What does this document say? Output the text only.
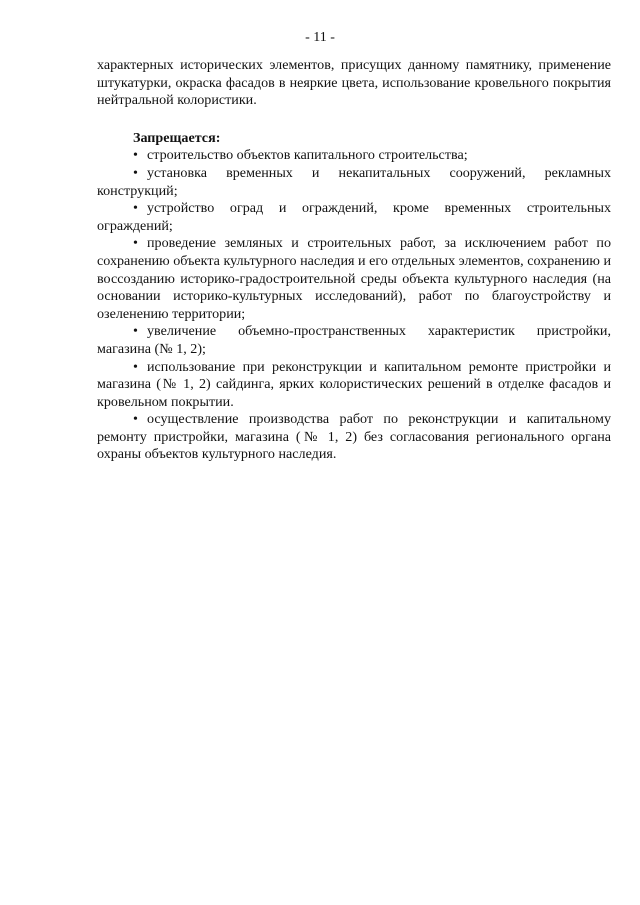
- 11 -

характерных исторических элементов, присущих данному памятнику, применение штукатурки, окраска фасадов в неяркие цвета, использование кровельного покрытия нейтральной колористики.

Запрещается:

• строительство объектов капитального строительства;

• установка временных и некапитальных сооружений, рекламных конструкций;

• устройство оград и ограждений, кроме временных строительных ограждений;

• проведение земляных и строительных работ, за исключением работ по сохранению объекта культурного наследия и его отдельных элементов, сохранению и воссозданию историко-градостроительной среды объекта культурного наследия (на основании историко-культурных исследований), работ по благоустройству и озеленению территории;

• увеличение объемно-пространственных характеристик пристройки, магазина (№ 1, 2);

• использование при реконструкции и капитальном ремонте пристройки и магазина (№ 1, 2) сайдинга, ярких колористических решений в отделке фасадов и кровельном покрытии.

• осуществление производства работ по реконструкции и капитальному ремонту пристройки, магазина (№ 1, 2) без согласования регионального органа охраны объектов культурного наследия.
